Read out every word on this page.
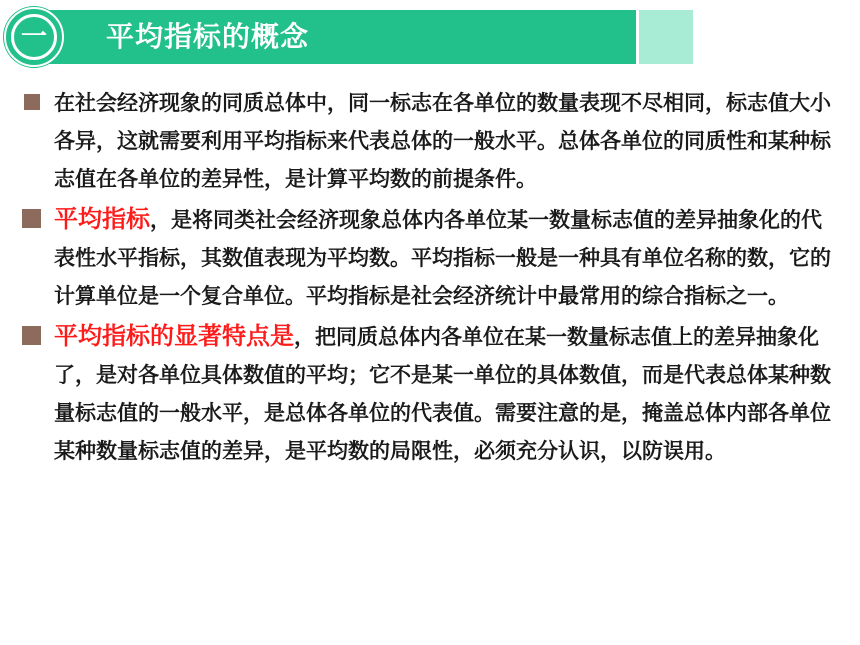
一	平均指标的概念
在社会经济现象的同质总体中，同一标志在各单位的数量表现不尽相同，标志值大小各异，这就需要利用平均指标来代表总体的一般水平。总体各单位的同质性和某种标志值在各单位的差异性，是计算平均数的前提条件。
平均指标，是将同类社会经济现象总体内各单位某一数量标志值的差异抽象化的代表性水平指标，其数值表现为平均数。平均指标一般是一种具有单位名称的数，它的计算单位是一个复合单位。平均指标是社会经济统计中最常用的综合指标之一。
平均指标的显著特点是，把同质总体内各单位在某一数量标志值上的差异抽象化了，是对各单位具体数值的平均；它不是某一单位的具体数值，而是代表总体某种数量标志值的一般水平，是总体各单位的代表值。需要注意的是，掩盖总体内部各单位某种数量标志值的差异，是平均数的局限性，必须充分认识，以防误用。
